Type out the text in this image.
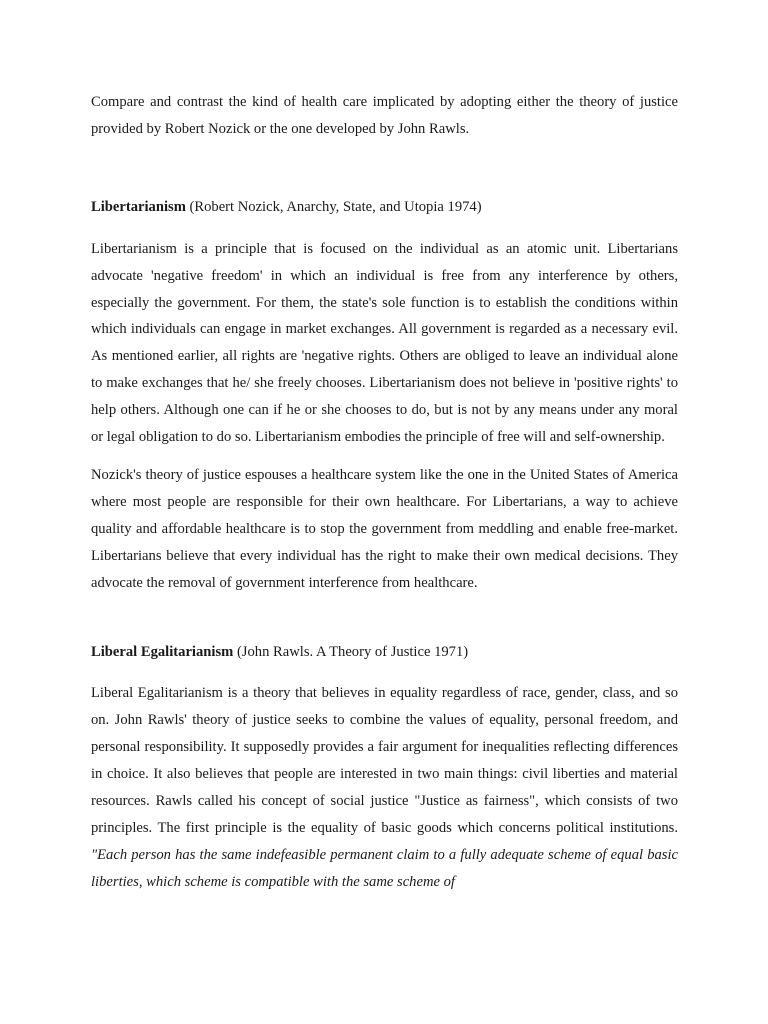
Compare and contrast the kind of health care implicated by adopting either the theory of justice provided by Robert Nozick or the one developed by John Rawls.

Libertarianism (Robert Nozick, Anarchy, State, and Utopia 1974)

Libertarianism is a principle that is focused on the individual as an atomic unit. Libertarians advocate 'negative freedom' in which an individual is free from any interference by others, especially the government. For them, the state's sole function is to establish the conditions within which individuals can engage in market exchanges. All government is regarded as a necessary evil. As mentioned earlier, all rights are 'negative rights. Others are obliged to leave an individual alone to make exchanges that he/ she freely chooses. Libertarianism does not believe in 'positive rights' to help others. Although one can if he or she chooses to do, but is not by any means under any moral or legal obligation to do so. Libertarianism embodies the principle of free will and self-ownership.

Nozick's theory of justice espouses a healthcare system like the one in the United States of America where most people are responsible for their own healthcare. For Libertarians, a way to achieve quality and affordable healthcare is to stop the government from meddling and enable free-market. Libertarians believe that every individual has the right to make their own medical decisions. They advocate the removal of government interference from healthcare.

Liberal Egalitarianism (John Rawls. A Theory of Justice 1971)

Liberal Egalitarianism is a theory that believes in equality regardless of race, gender, class, and so on. John Rawls' theory of justice seeks to combine the values of equality, personal freedom, and personal responsibility. It supposedly provides a fair argument for inequalities reflecting differences in choice. It also believes that people are interested in two main things: civil liberties and material resources. Rawls called his concept of social justice "Justice as fairness", which consists of two principles. The first principle is the equality of basic goods which concerns political institutions. "Each person has the same indefeasible permanent claim to a fully adequate scheme of equal basic liberties, which scheme is compatible with the same scheme of
